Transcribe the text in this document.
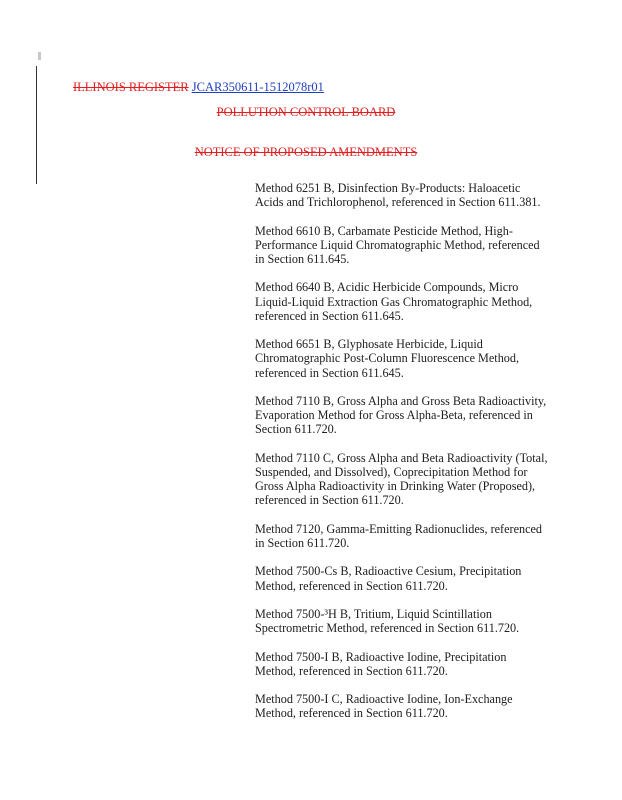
ILLINOIS REGISTER JCAR350611-1512078r01
POLLUTION CONTROL BOARD
NOTICE OF PROPOSED AMENDMENTS
Method 6251 B, Disinfection By-Products: Haloacetic Acids and Trichlorophenol, referenced in Section 611.381.
Method 6610 B, Carbamate Pesticide Method, High-Performance Liquid Chromatographic Method, referenced in Section 611.645.
Method 6640 B, Acidic Herbicide Compounds, Micro Liquid-Liquid Extraction Gas Chromatographic Method, referenced in Section 611.645.
Method 6651 B, Glyphosate Herbicide, Liquid Chromatographic Post-Column Fluorescence Method, referenced in Section 611.645.
Method 7110 B, Gross Alpha and Gross Beta Radioactivity, Evaporation Method for Gross Alpha-Beta, referenced in Section 611.720.
Method 7110 C, Gross Alpha and Beta Radioactivity (Total, Suspended, and Dissolved), Coprecipitation Method for Gross Alpha Radioactivity in Drinking Water (Proposed), referenced in Section 611.720.
Method 7120, Gamma-Emitting Radionuclides, referenced in Section 611.720.
Method 7500-Cs B, Radioactive Cesium, Precipitation Method, referenced in Section 611.720.
Method 7500-³H B, Tritium, Liquid Scintillation Spectrometric Method, referenced in Section 611.720.
Method 7500-I B, Radioactive Iodine, Precipitation Method, referenced in Section 611.720.
Method 7500-I C, Radioactive Iodine, Ion-Exchange Method, referenced in Section 611.720.
